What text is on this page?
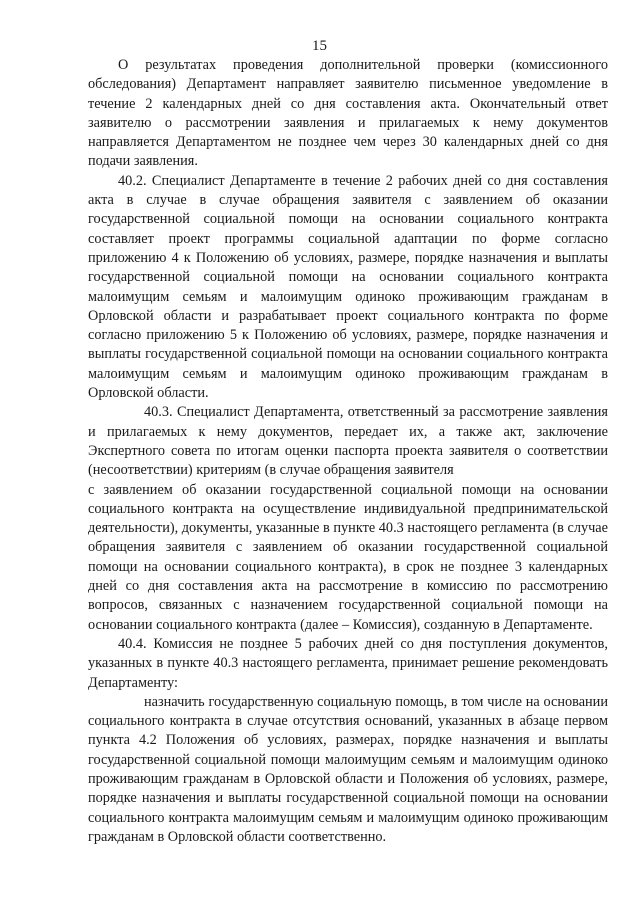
15

О результатах проведения дополнительной проверки (комиссионного обследования) Департамент направляет заявителю письменное уведомление в течение 2 календарных дней со дня составления акта. Окончательный ответ заявителю о рассмотрении заявления и прилагаемых к нему документов направляется Департаментом не позднее чем через 30 календарных дней со дня подачи заявления.

40.2. Специалист Департаменте в течение 2 рабочих дней со дня составления акта в случае в случае обращения заявителя с заявлением об оказании государственной социальной помощи на основании социального контракта составляет проект программы социальной адаптации по форме согласно приложению 4 к Положению об условиях, размере, порядке назначения и выплаты государственной социальной помощи на основании социального контракта малоимущим семьям и малоимущим одиноко проживающим гражданам в Орловской области и разрабатывает проект социального контракта по форме согласно приложению 5 к Положению об условиях, размере, порядке назначения и выплаты государственной социальной помощи на основании социального контракта малоимущим семьям и малоимущим одиноко проживающим гражданам в Орловской области.

40.3. Специалист Департамента, ответственный за рассмотрение заявления и прилагаемых к нему документов, передает их, а также акт, заключение Экспертного совета по итогам оценки паспорта проекта заявителя о соответствии (несоответствии) критериям (в случае обращения заявителя

с заявлением об оказании государственной социальной помощи на основании социального контракта на осуществление индивидуальной предпринимательской деятельности), документы, указанные в пункте 40.3 настоящего регламента (в случае обращения заявителя с заявлением об оказании государственной социальной помощи на основании социального контракта), в срок не позднее 3 календарных дней со дня составления акта на рассмотрение в комиссию по рассмотрению вопросов, связанных с назначением государственной социальной помощи на основании социального контракта (далее – Комиссия), созданную в Департаменте.

40.4. Комиссия не позднее 5 рабочих дней со дня поступления документов, указанных в пункте 40.3 настоящего регламента, принимает решение рекомендовать Департаменту:

назначить государственную социальную помощь, в том числе на основании социального контракта в случае отсутствия оснований, указанных в абзаце первом пункта 4.2 Положения об условиях, размерах, порядке назначения и выплаты государственной социальной помощи малоимущим семьям и малоимущим одиноко проживающим гражданам в Орловской области и Положения об условиях, размере, порядке назначения и выплаты государственной социальной помощи на основании социального контракта малоимущим семьям и малоимущим одиноко проживающим гражданам в Орловской области соответственно.
